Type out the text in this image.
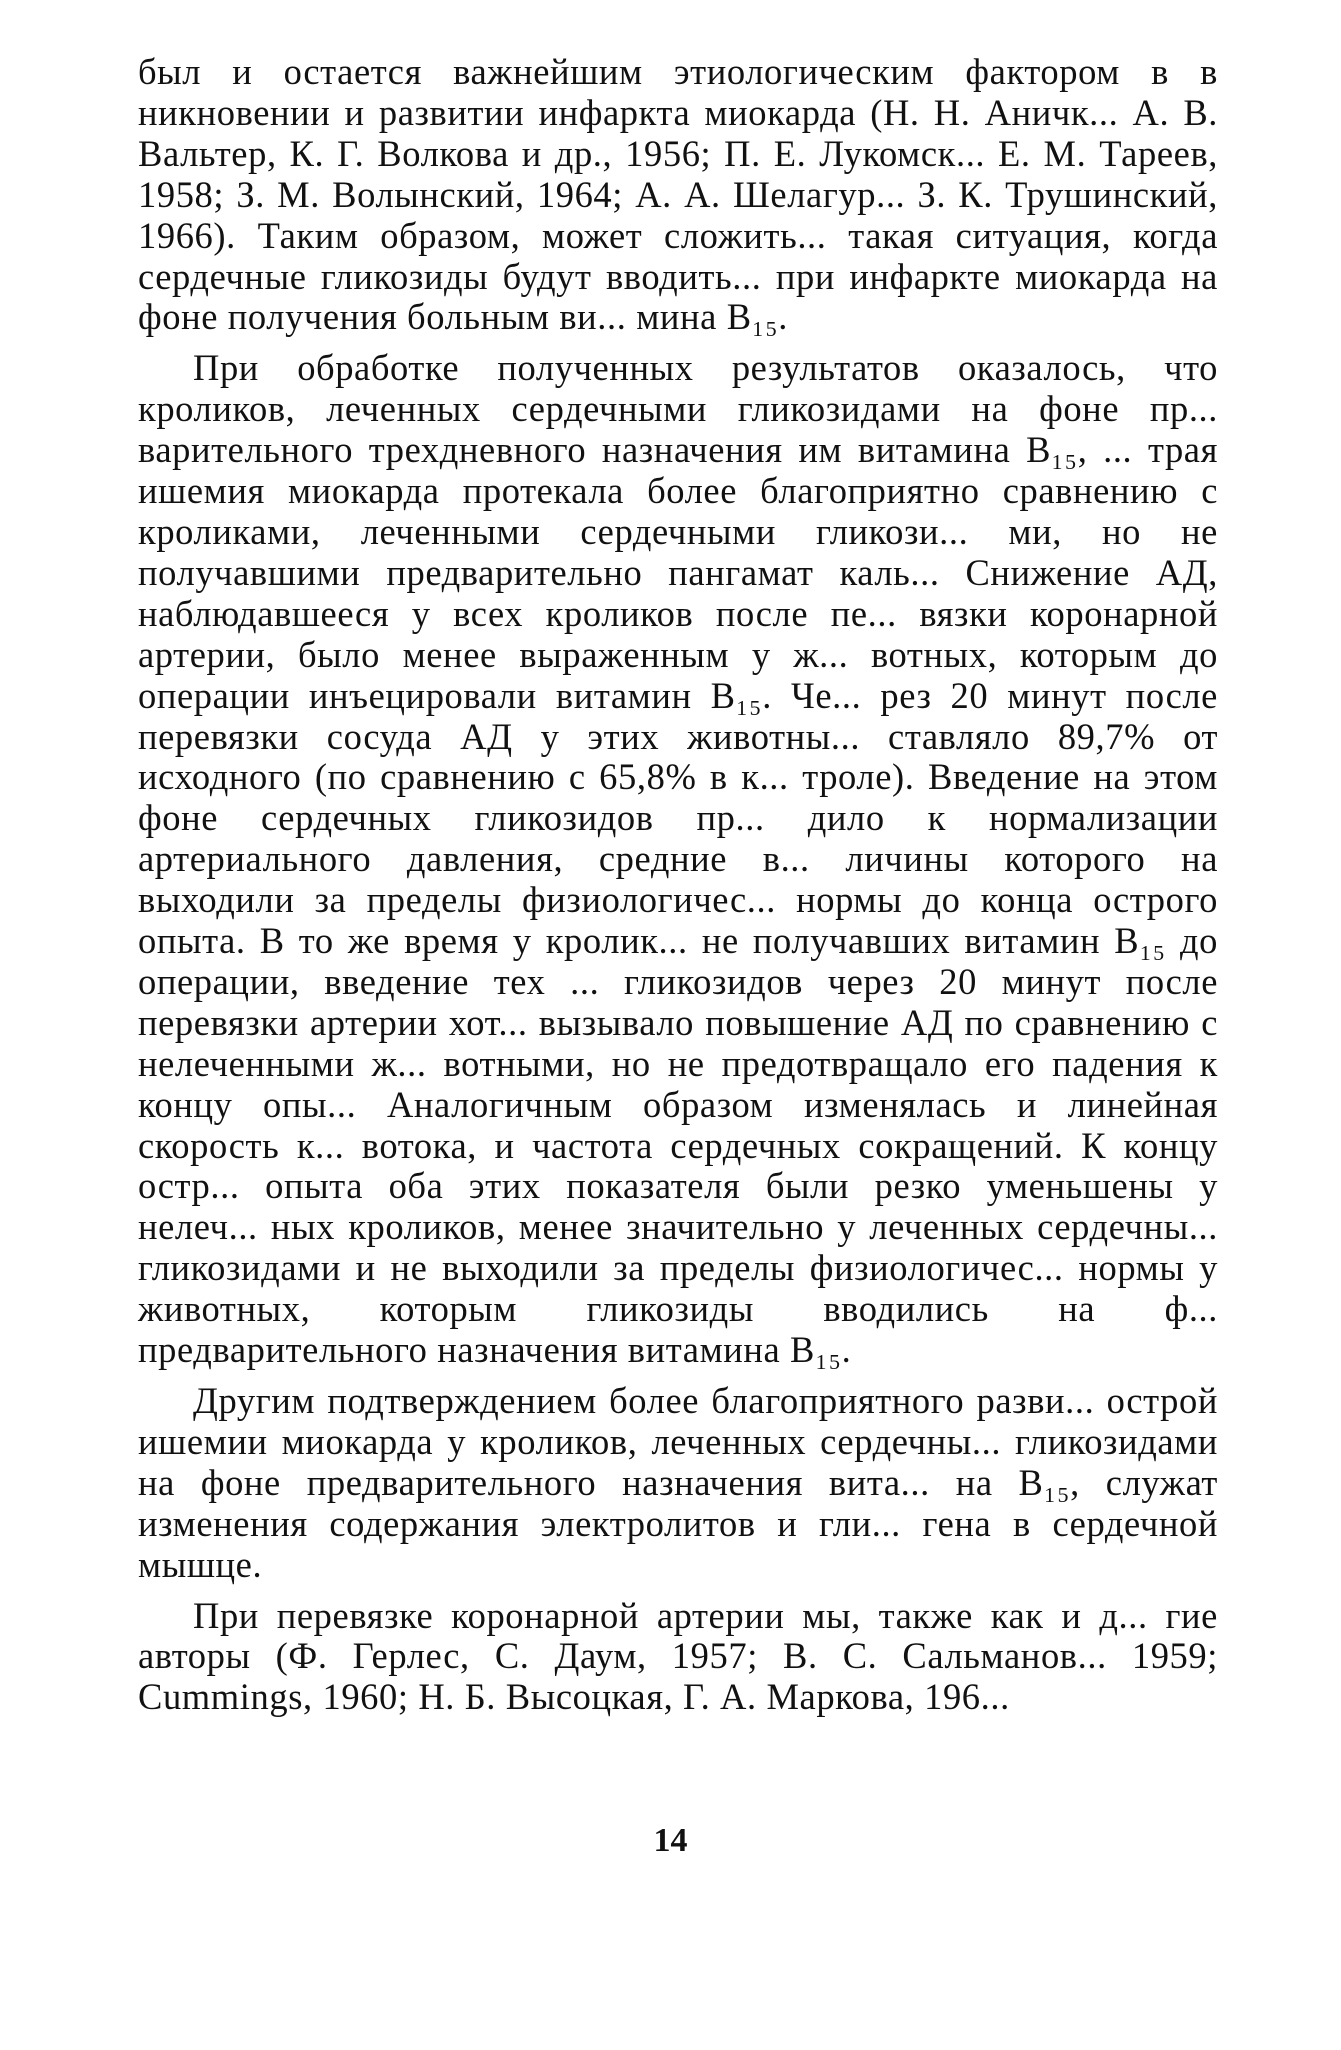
был и остается важнейшим этиологическим фактором в в никновении и развитии инфаркта миокарда (Н. Н. Аничк... А. В. Вальтер, К. Г. Волкова и др., 1956; П. Е. Лукомск... Е. М. Тареев, 1958; З. М. Волынский, 1964; А. А. Шелагур... З. К. Трушинский, 1966). Таким образом, может сложить... такая ситуация, когда сердечные гликозиды будут вводить... при инфаркте миокарда на фоне получения больным ви... мина B₁₅.

При обработке полученных результатов оказалось, что кроликов, леченных сердечными гликозидами на фоне пр... варительного трехдневного назначения им витамина B₁₅, ... трая ишемия миокарда протекала более благоприятно сравнению с кроликами, леченными сердечными гликози... ми, но не получавшими предварительно пангамат каль... Снижение АД, наблюдавшееся у всех кроликов после пе... вязки коронарной артерии, было менее выраженным у ж... вотных, которым до операции инъецировали витамин B₁₅. Че... рез 20 минут после перевязки сосуда АД у этих животны... ставляло 89,7% от исходного (по сравнению с 65,8% в к... троле). Введение на этом фоне сердечных гликозидов пр... дило к нормализации артериального давления, средние в... личины которого на выходили за пределы физиологичес... нормы до конца острого опыта. В то же время у кролик... не получавших витамин B₁₅ до операции, введение тех ... гликозидов через 20 минут после перевязки артерии хот... вызывало повышение АД по сравнению с нелеченными ж... вотными, но не предотвращало его падения к концу опы... Аналогичным образом изменялась и линейная скорость к... вотока, и частота сердечных сокращений. К концу остр... опыта оба этих показателя были резко уменьшены у нелеч... ных кроликов, менее значительно у леченных сердечны... гликозидами и не выходили за пределы физиологичес... нормы у животных, которым гликозиды вводились на ф... предварительного назначения витамина B₁₅.

Другим подтверждением более благоприятного разви... острой ишемии миокарда у кроликов, леченных сердечны... гликозидами на фоне предварительного назначения вита... на B₁₅, служат изменения содержания электролитов и гли... гена в сердечной мышце.

При перевязке коронарной артерии мы, также как и д... гие авторы (Ф. Герлес, С. Даум, 1957; В. С. Сальманов... 1959; Cummings, 1960; Н. Б. Высоцкая, Г. А. Маркова, 196...

14
